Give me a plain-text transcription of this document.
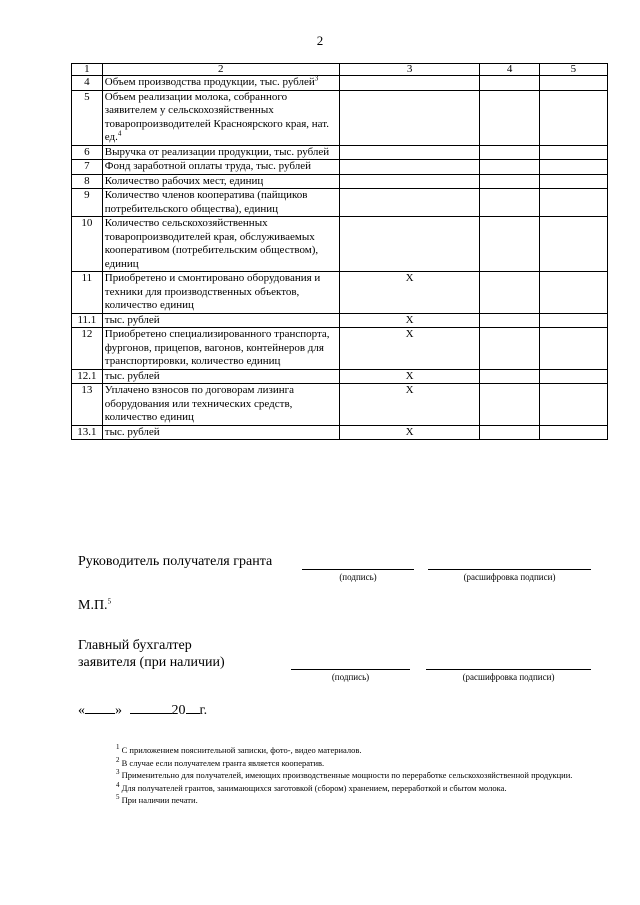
2
1	2	3	4	5
4	Объем производства продукции, тыс. рублей$^3$			
5	Объем реализации молока, собранного заявителем у сельскохозяйственных товаропроизводителей Красноярского края, нат. ед.$^4$			
6	Выручка от реализации продукции, тыс. рублей			
7	Фонд заработной оплаты труда, тыс. рублей			
8	Количество рабочих мест, единиц			
9	Количество членов кооператива (пайщиков потребительского общества), единиц			
10	Количество сельскохозяйственных товаропроизводителей края, обслуживаемых кооперативом (потребительским обществом), единиц			
11	Приобретено и смонтировано оборудования и техники для производственных объектов, количество единиц	X		
11.1	тыс. рублей	X		
12	Приобретено специализированного транспорта, фургонов, прицепов, вагонов, контейнеров для транспортировки, количество единиц	X		
12.1	тыс. рублей	X		
13	Уплачено взносов по договорам лизинга оборудования или технических средств, количество единиц	X		
13.1	тыс. рублей	X		
Руководитель получателя гранта
(подпись)	(расшифровка подписи)
М.П.$^5$
Главный бухгалтер
заявителя (при наличии)
(подпись)	(расшифровка подписи)
« »	20 г.
$^1$ С приложением пояснительной записки, фото-, видео материалов.
$^2$ В случае если получателем гранта является кооператив.
$^3$ Применительно для получателей, имеющих производственные мощности по переработке сельскохозяйственной продукции.
$^4$ Для получателей грантов, занимающихся заготовкой (сбором) хранением, переработкой и сбытом молока.
$^5$ При наличии печати.
